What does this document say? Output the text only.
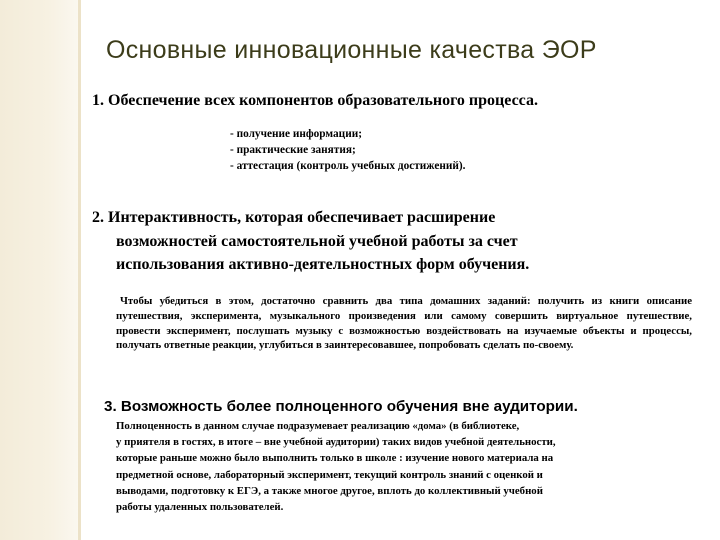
Основные инновационные качества ЭОР
1. Обеспечение всех компонентов образовательного процесса.
- получение информации;
- практические занятия;
- аттестация (контроль учебных достижений).
2. Интерактивность, которая обеспечивает расширение
возможностей самостоятельной учебной работы за счет
использования активно-деятельностных форм обучения.

Чтобы убедиться в этом, достаточно сравнить два типа домашних заданий: получить из книги описание путешествия, эксперимента, музыкального произведения или самому совершить виртуальное путешествие, провести эксперимент, послушать музыку с возможностью воздействовать на изучаемые объекты и процессы, получать ответные реакции, углубиться в заинтересовавшее, попробовать сделать по-своему.

3. Возможность более полноценного обучения вне аудитории.

Полноценность в данном случае подразумевает реализацию «дома» (в библиотеке,
у приятеля в гостях, в итоге – вне учебной аудитории) таких видов учебной деятельности,
которые раньше можно было выполнить только в школе : изучение нового материала на
предметной основе, лабораторный эксперимент, текущий контроль знаний с оценкой и
выводами, подготовку к ЕГЭ, а также многое другое, вплоть до коллективный учебной
работы удаленных пользователей.
